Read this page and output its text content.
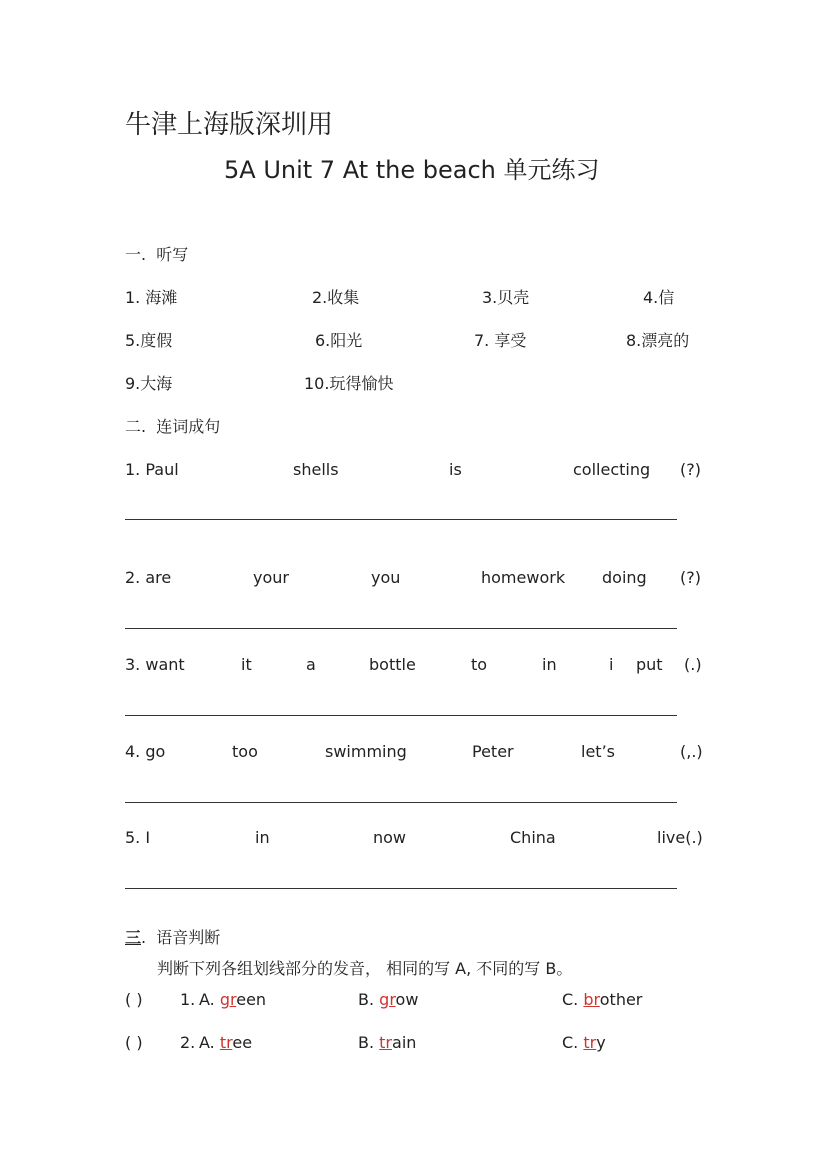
牛津上海版深圳用
5A Unit 7 At the beach 单元练习
一.  听写
1. 海滩	2.收集	3.贝壳	4.信
5.度假	6.阳光	7. 享受	8.漂亮的
9.大海	10.玩得愉快
二.  连词成句
1. Paul	shells	is	collecting (?)
2. are	your	you	homework doing (?)
3. want	it	a	bottle	to	in	i put (.)
4. go	too	swimming	Peter	let’s	(,.)
5. I	in	now	China	live(.)
三.  语音判断
判断下列各组划线部分的发音， 相同的写 A, 不同的写 B。
( ) 1. A. green	B. grow	C. brother
( ) 2. A. tree	B. train	C. try
